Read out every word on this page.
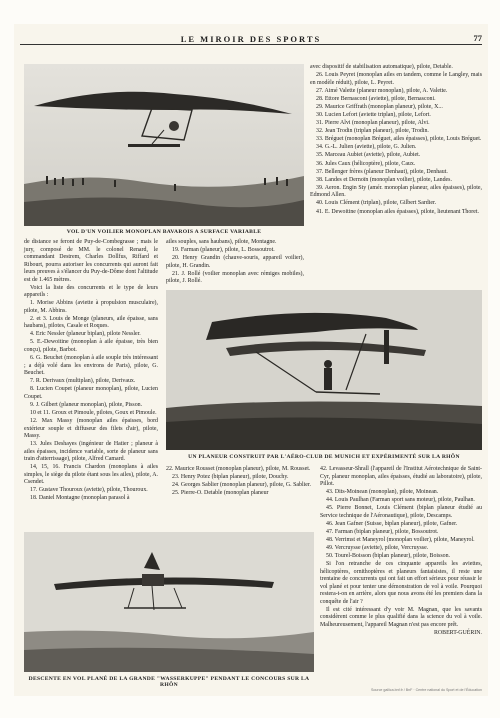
LE MIROIR DES SPORTS	77
VOL D'UN VOILIER MONOPLAN BAVAROIS A SURFACE VARIABLE

avec dispositif de stabilisation automatique), pilote, Detable.

26. Louis Peyret (monoplan ailes en tandem, comme le Langley, mais en modèle réduit), pilote, L. Peyret.

27. Aimé Valette (planeur monoplan), pilote, A. Valette.

28. Ettore Bernasconi (aviette), pilote, Bernasconi.

29. Maurice Griffrath (monoplan planeur), pilote, X...

30. Lucien Lefort (aviette triplan), pilote, Lefort.

31. Pierre Alvi (monoplan planeur), pilote, Alvi.

32. Jean Trodin (triplan planeur), pilote, Trodin.

33. Bréguet (monoplan Bréguet, ailes épaisses), pilote, Louis Bréguet.

34. G.-L. Julien (aviette), pilote, G. Julien.

35. Marceau Aubiet (aviette), pilote, Aubiet.

36. Jules Caux (hélicoptère), pilote, Caux.

37. Bellenger frères (planeur Denhaut), pilote, Denhaut.

38. Landes et Dernoïn (monoplan voilier), pilote, Landes.

39. Aeron. Engin Sty (amér. monoplan planeur, ailes épaisses), pilote, Edmond Allen.

40. Louis Clément (triplan), pilote, Gilbert Sardier.

41. E. Dewoitine (monoplan ailes épaisses), pilote, lieutenant Thoret.

de distance se feront de Puy-de-Combegrasse ; mais le jury, composé de MM. le colonel Renard, le commandant Destrem, Charles Dollfus, Riffard et Ribourt, pourra autoriser les concurrents qui auront fait leurs preuves à s'élancer du Puy-de-Dôme dont l'altitude est de 1.465 mètres.

Voici la liste des concurrents et le type de leurs appareils :

1. Morise Abbins (aviette à propulsion musculaire), pilote, M. Abbins.

2. et 3. Louis de Monge (planeurs, aile épaisse, sans haubans), pilotes, Casale et Roques.

4. Eric Nessler (planeur biplan), pilote Nessler.

5. E.-Dewoitine (monoplan à aile épaisse, très bien conçu), pilote, Barbot.

6. G. Beuchet (monoplan à aile souple très intéressant ; a déjà volé dans les environs de Paris), pilote, G. Beuchet.

7. R. Derivaux (multiplan), pilote, Derivaux.

8. Lucien Coupet (planeur monoplan), pilote, Lucien Coupet.

9. J. Gilbert (planeur monoplan), pilote, Pisson.

10 et 11. Groux et Pimoule, pilotes, Goux et Pimoule.

12. Max Massy (monoplan ailes épaisses, bord extérieur souple et diffuseur des filets d'air), pilote, Massy.

13. Jules Deshayes (ingénieur de Hatier ; planeur à ailes épaisses, incidence variable, sorte de planeur sans train d'atterrissage), pilote, Alfred Camard.

14, 15, 16. Francis Chardon (monoplans à ailes simples, le siège du pilote étant sous les ailes), pilote, A. Csendet.

17. Gustave Thouroux (aviette), pilote, Thouroux.

18. Daniel Montagne (monoplan parasol à

ailes souples, sans haubans), pilote, Montagne.

19. Farman (planeur), pilote, L. Bossoutrot.

20. Henry Grandin (chauve-souris, appareil voilier), pilote, H. Grandin.

21. J. Rollé (voilier monoplan avec rémiges mobiles), pilote, J. Rollé.

UN PLANEUR CONSTRUIT PAR L'AÉRO-CLUB DE MUNICH ET EXPÉRIMENTÉ SUR LA RHÔN

22. Maurice Rousset (monoplan planeur), pilote, M. Rousset.

23. Henry Potez (biplan planeur), pilote, Douchy.

24. Georges Sablier (monoplan planeur), pilote, G. Sablier.

25. Pierre-O. Detable (monoplan planeur

42. Levasseur-Shrall (l'appareil de l'Institut Aérotechnique de Saint-Cyr, planeur monoplan, ailes épaisses, étudié au laboratoire), pilote, Pillot.

43. Dits-Moinean (monoplan), pilote, Moinean.

44. Louis Paulhan (Farman sport sans moteur), pilote, Paulhan.

45. Pierre Bonnet, Louis Clément (biplan planeur étudié au Service technique de l'Aéronautique), pilote, Descamps.

46. Jean Gafner (Suisse, biplan planeur), pilote, Gafner.

47. Farman (biplan planeur), pilote, Bossoutrot.

48. Verrimst et Maneyrol (monoplan voilier), pilote, Maneyrol.

49. Vercruysse (aviette), pilote, Vercruysse.

50. Tourel-Boisson (biplan planeur), pilote, Boisson.

Si l'on retranche de ces cinquante appareils les aviettes, hélicoptères, ornithoptères et planeurs fantaisistes, il reste une trentaine de concurrents qui ont fait un effort sérieux pour réussir le vol plané et pour tenter une démonstration de vol à voile. Pourquoi restera-t-on en arrière, alors que nous avons été les premiers dans la conquête de l'air ?

Il est cité intéressant d'y voir M. Magnan, que les savants considèrent comme le plus qualifié dans la science du vol à voile. Malheureusement, l'appareil Magnan n'est pas encore prêt.

ROBERT-GUÉRIN.

DESCENTE EN VOL PLANÉ DE LA GRANDE "WASSERKUPPE" PENDANT LE CONCOURS SUR LA RHÔN
Source gallica.bnf.fr / BnF · Centre national du Sport et de l'Éducation
